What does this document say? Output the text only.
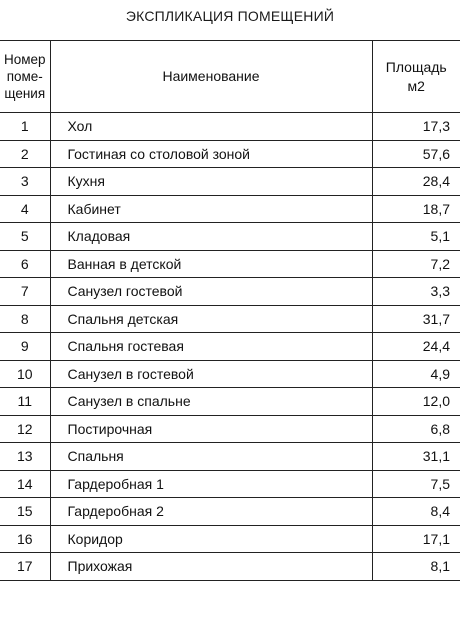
ЭКСПЛИКАЦИЯ ПОМЕЩЕНИЙ
Номер
поме-
щения	Наименование	Площадь
м2
1	Хол	17,3
2	Гостиная со столовой зоной	57,6
3	Кухня	28,4
4	Кабинет	18,7
5	Кладовая	5,1
6	Ванная в детской	7,2
7	Санузел гостевой	3,3
8	Спальня детская	31,7
9	Спальня гостевая	24,4
10	Санузел в гостевой	4,9
11	Санузел в спальне	12,0
12	Постирочная	6,8
13	Спальня	31,1
14	Гардеробная 1	7,5
15	Гардеробная 2	8,4
16	Коридор	17,1
17	Прихожая	8,1
